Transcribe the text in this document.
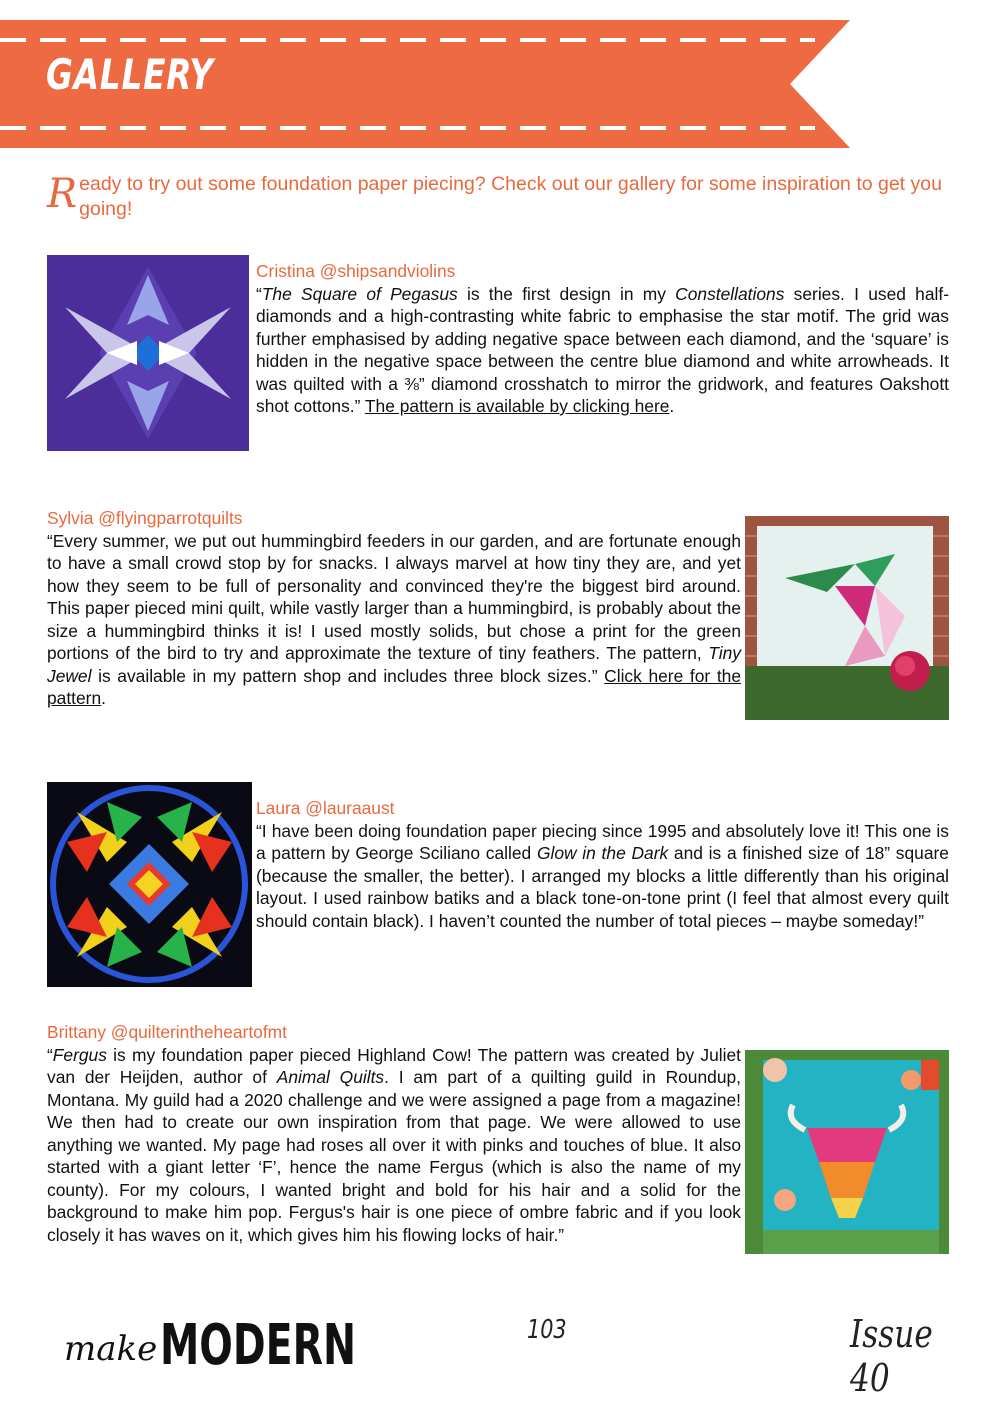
GALLERY
Ready to try out some foundation paper piecing? Check out our gallery for some inspiration to get you going!
Cristina @shipsandviolins
“The Square of Pegasus is the first design in my Constellations series. I used half-diamonds and a high-contrasting white fabric to emphasise the star motif. The grid was further emphasised by adding negative space between each diamond, and the ‘square’ is hidden in the negative space between the centre blue diamond and white arrowheads. It was quilted with a ⅜” diamond crosshatch to mirror the gridwork, and features Oakshott shot cottons.” The pattern is available by clicking here.
Sylvia @flyingparrotquilts
“Every summer, we put out hummingbird feeders in our garden, and are fortunate enough to have a small crowd stop by for snacks. I always marvel at how tiny they are, and yet how they seem to be full of personality and convinced they're the biggest bird around. This paper pieced mini quilt, while vastly larger than a hummingbird, is probably about the size a hummingbird thinks it is! I used mostly solids, but chose a print for the green portions of the bird to try and approximate the texture of tiny feathers. The pattern, Tiny Jewel is available in my pattern shop and includes three block sizes.” Click here for the pattern.
Laura @lauraaust
“I have been doing foundation paper piecing since 1995 and absolutely love it! This one is a pattern by George Sciliano called Glow in the Dark and is a finished size of 18” square (because the smaller, the better). I arranged my blocks a little differently than his original layout. I used rainbow batiks and a black tone-on-tone print (I feel that almost every quilt should contain black). I haven’t counted the number of total pieces – maybe someday!”
Brittany @quilterintheheartofmt
“Fergus is my foundation paper pieced Highland Cow! The pattern was created by Juliet van der Heijden, author of Animal Quilts. I am part of a quilting guild in Roundup, Montana. My guild had a 2020 challenge and we were assigned a page from a magazine! We then had to create our own inspiration from that page. We were allowed to use anything we wanted. My page had roses all over it with pinks and touches of blue. It also started with a giant letter ‘F’, hence the name Fergus (which is also the name of my county). For my colours, I wanted bright and bold for his hair and a solid for the background to make him pop. Fergus's hair is one piece of ombre fabric and if you look closely it has waves on it, which gives him his flowing locks of hair.”
make MODERN	103	Issue 40
